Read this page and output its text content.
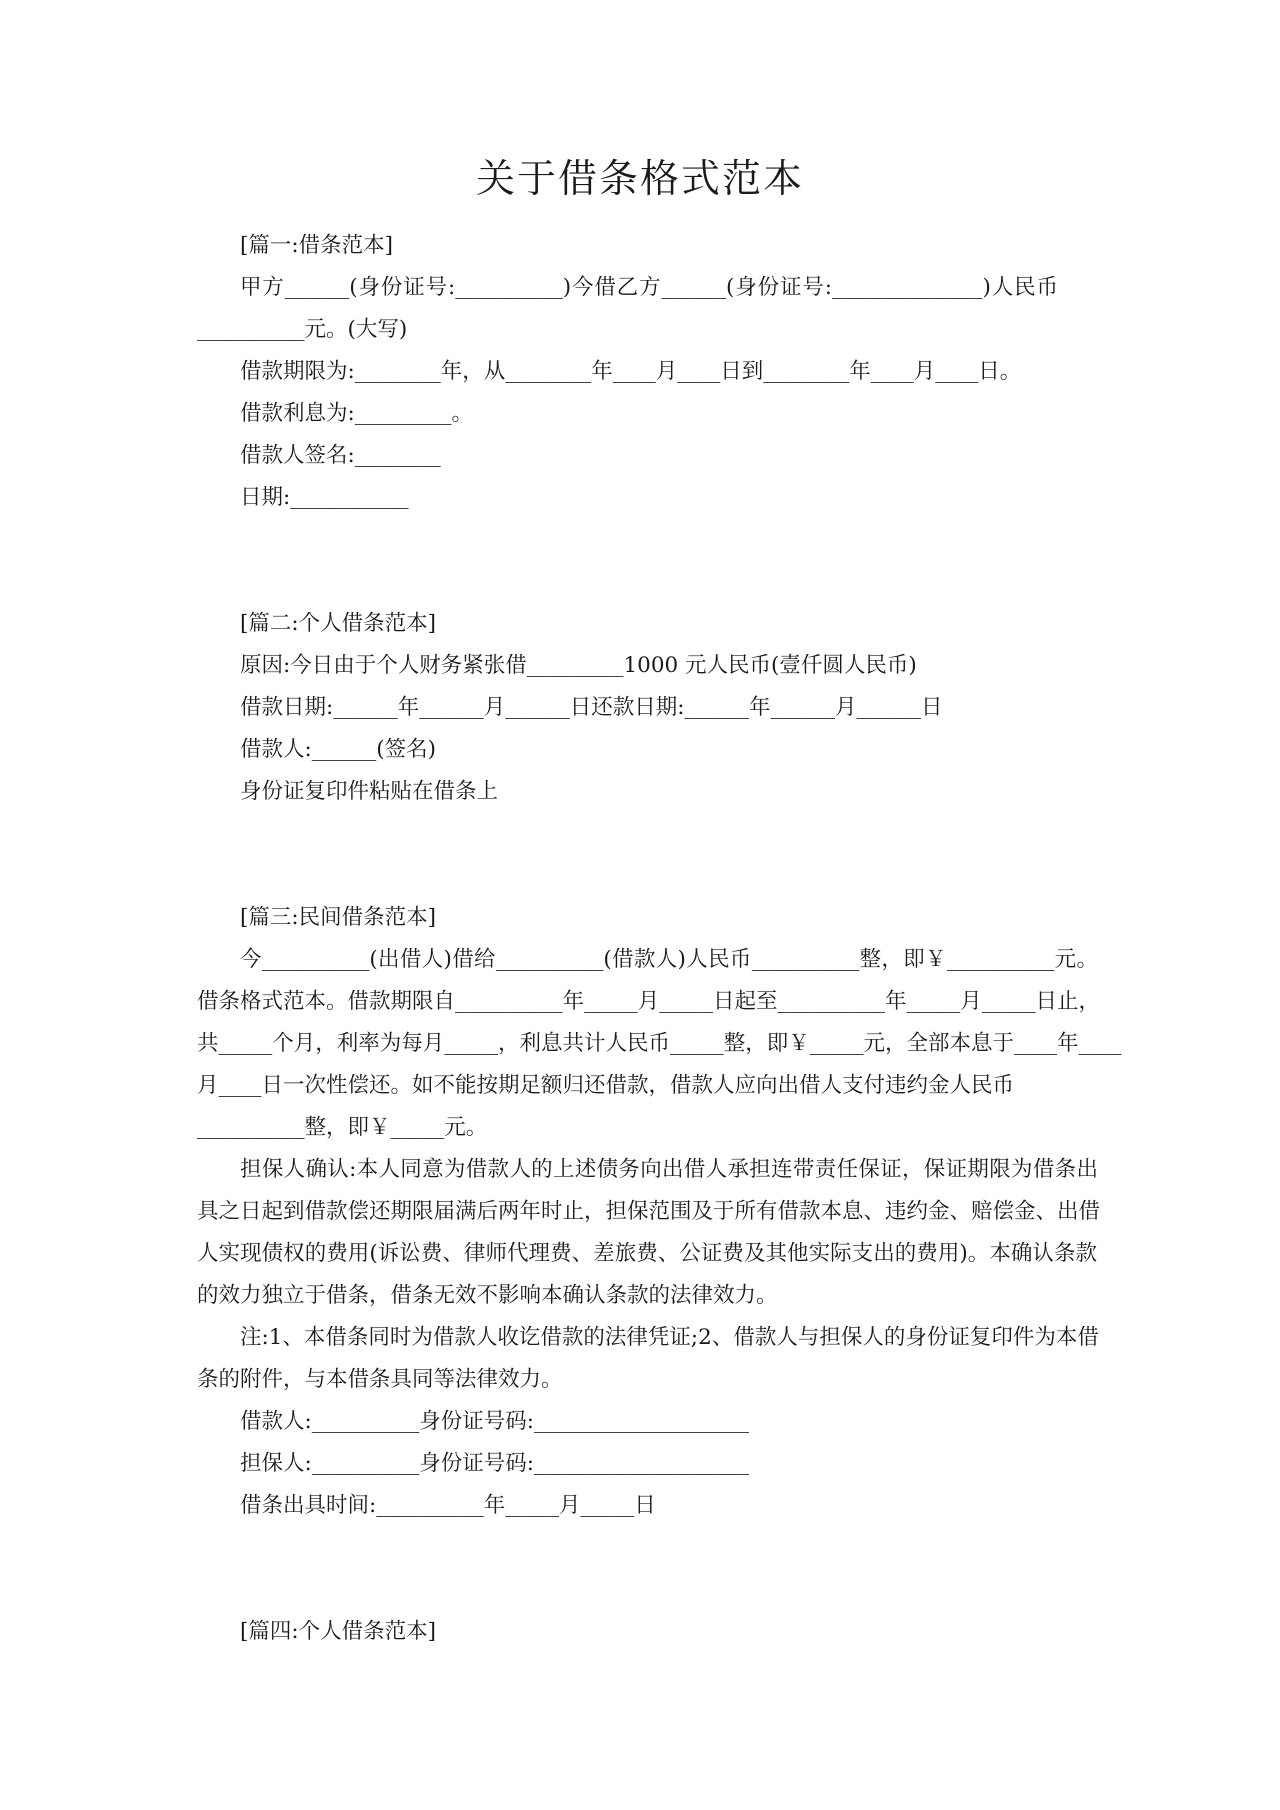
关于借条格式范本
[篇一:借条范本]
甲方______(身份证号:__________)今借乙方______(身份证号:______________)人民币
__________元。(大写)
借款期限为:________年，从________年____月____日到________年____月____日。
借款利息为:_________。
借款人签名:________
日期:___________
[篇二:个人借条范本]
原因:今日由于个人财务紧张借_________1000 元人民币(壹仟圆人民币)
借款日期:______年______月______日还款日期:______年______月______日
借款人:______(签名)
身份证复印件粘贴在借条上
[篇三:民间借条范本]
今__________(出借人)借给__________(借款人)人民币__________整，即￥__________元。
借条格式范本。借款期限自__________年_____月_____日起至__________年_____月_____日止，
共_____个月，利率为每月_____，利息共计人民币_____整，即￥_____元，全部本息于____年____
月____日一次性偿还。如不能按期足额归还借款，借款人应向出借人支付违约金人民币
__________整，即￥_____元。
担保人确认:本人同意为借款人的上述债务向出借人承担连带责任保证，保证期限为借条出
具之日起到借款偿还期限届满后两年时止，担保范围及于所有借款本息、违约金、赔偿金、出借
人实现债权的费用(诉讼费、律师代理费、差旅费、公证费及其他实际支出的费用)。本确认条款
的效力独立于借条，借条无效不影响本确认条款的法律效力。
注:1、本借条同时为借款人收讫借款的法律凭证;2、借款人与担保人的身份证复印件为本借
条的附件，与本借条具同等法律效力。
借款人:__________身份证号码:____________________
担保人:__________身份证号码:____________________
借条出具时间:__________年_____月_____日
[篇四:个人借条范本]
